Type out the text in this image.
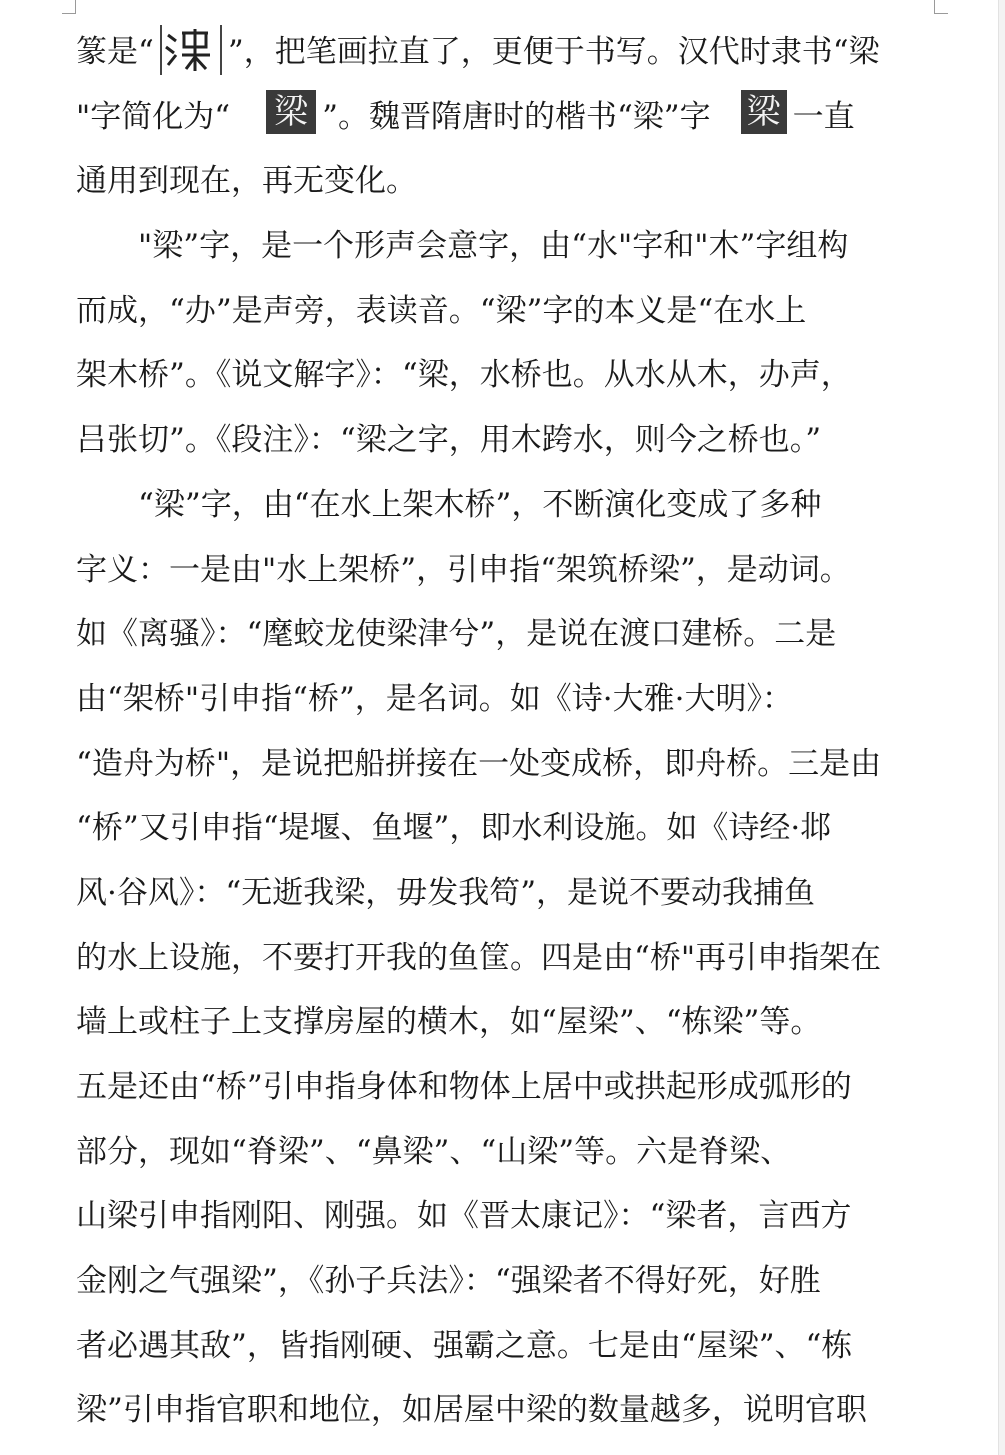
篆是“ ”，把笔画拉直了，更便于书写。汉代时隶书“梁
"字简化为“ 梁 ”。魏晋隋唐时的楷书“梁”字 梁 一直
通用到现在，再无变化。
"梁”字，是一个形声会意字，由“水"字和"木”字组构
而成，“办”是声旁，表读音。“梁”字的本义是“在水上
架木桥”。《说文解字》：“梁，水桥也。从水从木，办声，
吕张切”。《段注》：“梁之字，用木跨水，则今之桥也。”
“梁”字，由“在水上架木桥”，不断演化变成了多种
字义：一是由"水上架桥”，引申指“架筑桥梁”，是动词。
如《离骚》：“麾蛟龙使梁津兮”，是说在渡口建桥。二是
由“架桥"引申指“桥”，是名词。如《诗·大雅·大明》：
“造舟为桥"，是说把船拼接在一处变成桥，即舟桥。三是由
“桥”又引申指“堤堰、鱼堰”，即水利设施。如《诗经·邶
风·谷风》：“无逝我梁，毋发我笱”，是说不要动我捕鱼
的水上设施，不要打开我的鱼筐。四是由“桥"再引申指架在
墙上或柱子上支撑房屋的横木，如“屋梁”、“栋梁”等。
五是还由“桥”引申指身体和物体上居中或拱起形成弧形的
部分，现如“脊梁”、“鼻梁”、“山梁”等。六是脊梁、
山梁引申指刚阳、刚强。如《晋太康记》：“梁者，言西方
金刚之气强梁”，《孙子兵法》：“强梁者不得好死，好胜
者必遇其敌”，皆指刚硬、强霸之意。七是由“屋梁”、“栋
梁”引申指官职和地位，如居屋中梁的数量越多，说明官职
